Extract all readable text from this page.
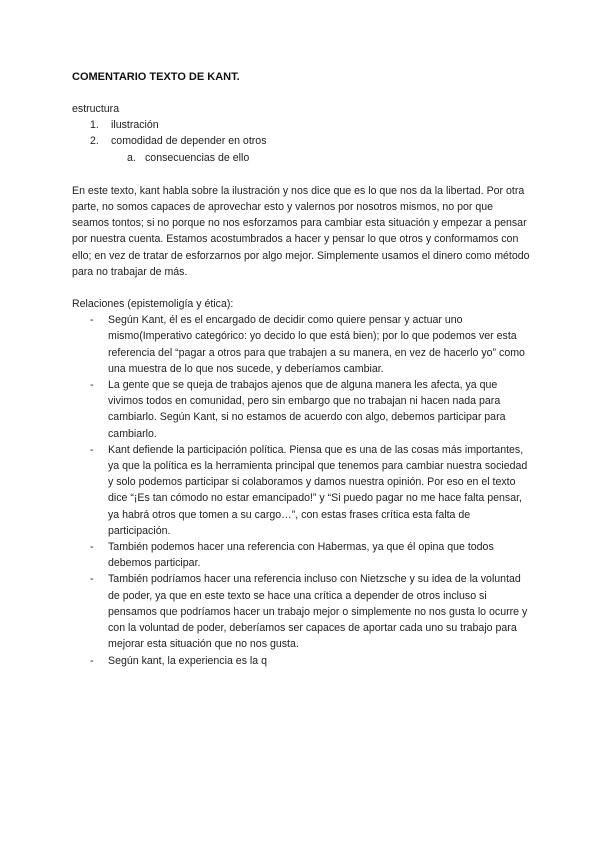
COMENTARIO TEXTO DE KANT.

estructura

1. ilustración
2. comodidad de depender en otros
a. consecuencias de ello

En este texto, kant habla sobre la ilustración y nos dice que es lo que nos da la libertad. Por otra parte, no somos capaces de aprovechar esto y valernos por nosotros mismos, no por que seamos tontos; si no porque no nos esforzamos para cambiar esta situación y empezar a pensar por nuestra cuenta. Estamos acostumbrados a hacer y pensar lo que otros y conformamos con ello; en vez de tratar de esforzarnos por algo mejor. Simplemente usamos el dinero como método para no trabajar de más.

Relaciones (epistemoligía y ética):

- Según Kant, él es el encargado de decidir como quiere pensar y actuar uno mismo(Imperativo categórico: yo decido lo que está bien); por lo que podemos ver esta referencia del “pagar a otros para que trabajen a su manera, en vez de hacerlo yo” como una muestra de lo que nos sucede, y deberíamos cambiar.
- La gente que se queja de trabajos ajenos que de alguna manera les afecta, ya que vivimos todos en comunidad, pero sin embargo que no trabajan ni hacen nada para cambiarlo. Según Kant, si no estamos de acuerdo con algo, debemos participar para cambiarlo.
- Kant defiende la participación política. Piensa que es una de las cosas más importantes, ya que la política es la herramienta principal que tenemos para cambiar nuestra sociedad y solo podemos participar si colaboramos y damos nuestra opinión. Por eso en el texto dice “¡Es tan cómodo no estar emancipado!” y “Si puedo pagar no me hace falta pensar, ya habrá otros que tomen a su cargo…”, con estas frases crítica esta falta de participación.
- También podemos hacer una referencia con Habermas, ya que él opina que todos debemos participar.
- También podríamos hacer una referencia incluso con Nietzsche y su idea de la voluntad de poder, ya que en este texto se hace una crítica a depender de otros incluso si pensamos que podríamos hacer un trabajo mejor o simplemente no nos gusta lo ocurre y con la voluntad de poder, deberíamos ser capaces de aportar cada uno su trabajo para mejorar esta situación que no nos gusta.
- Según kant, la experiencia es la q
